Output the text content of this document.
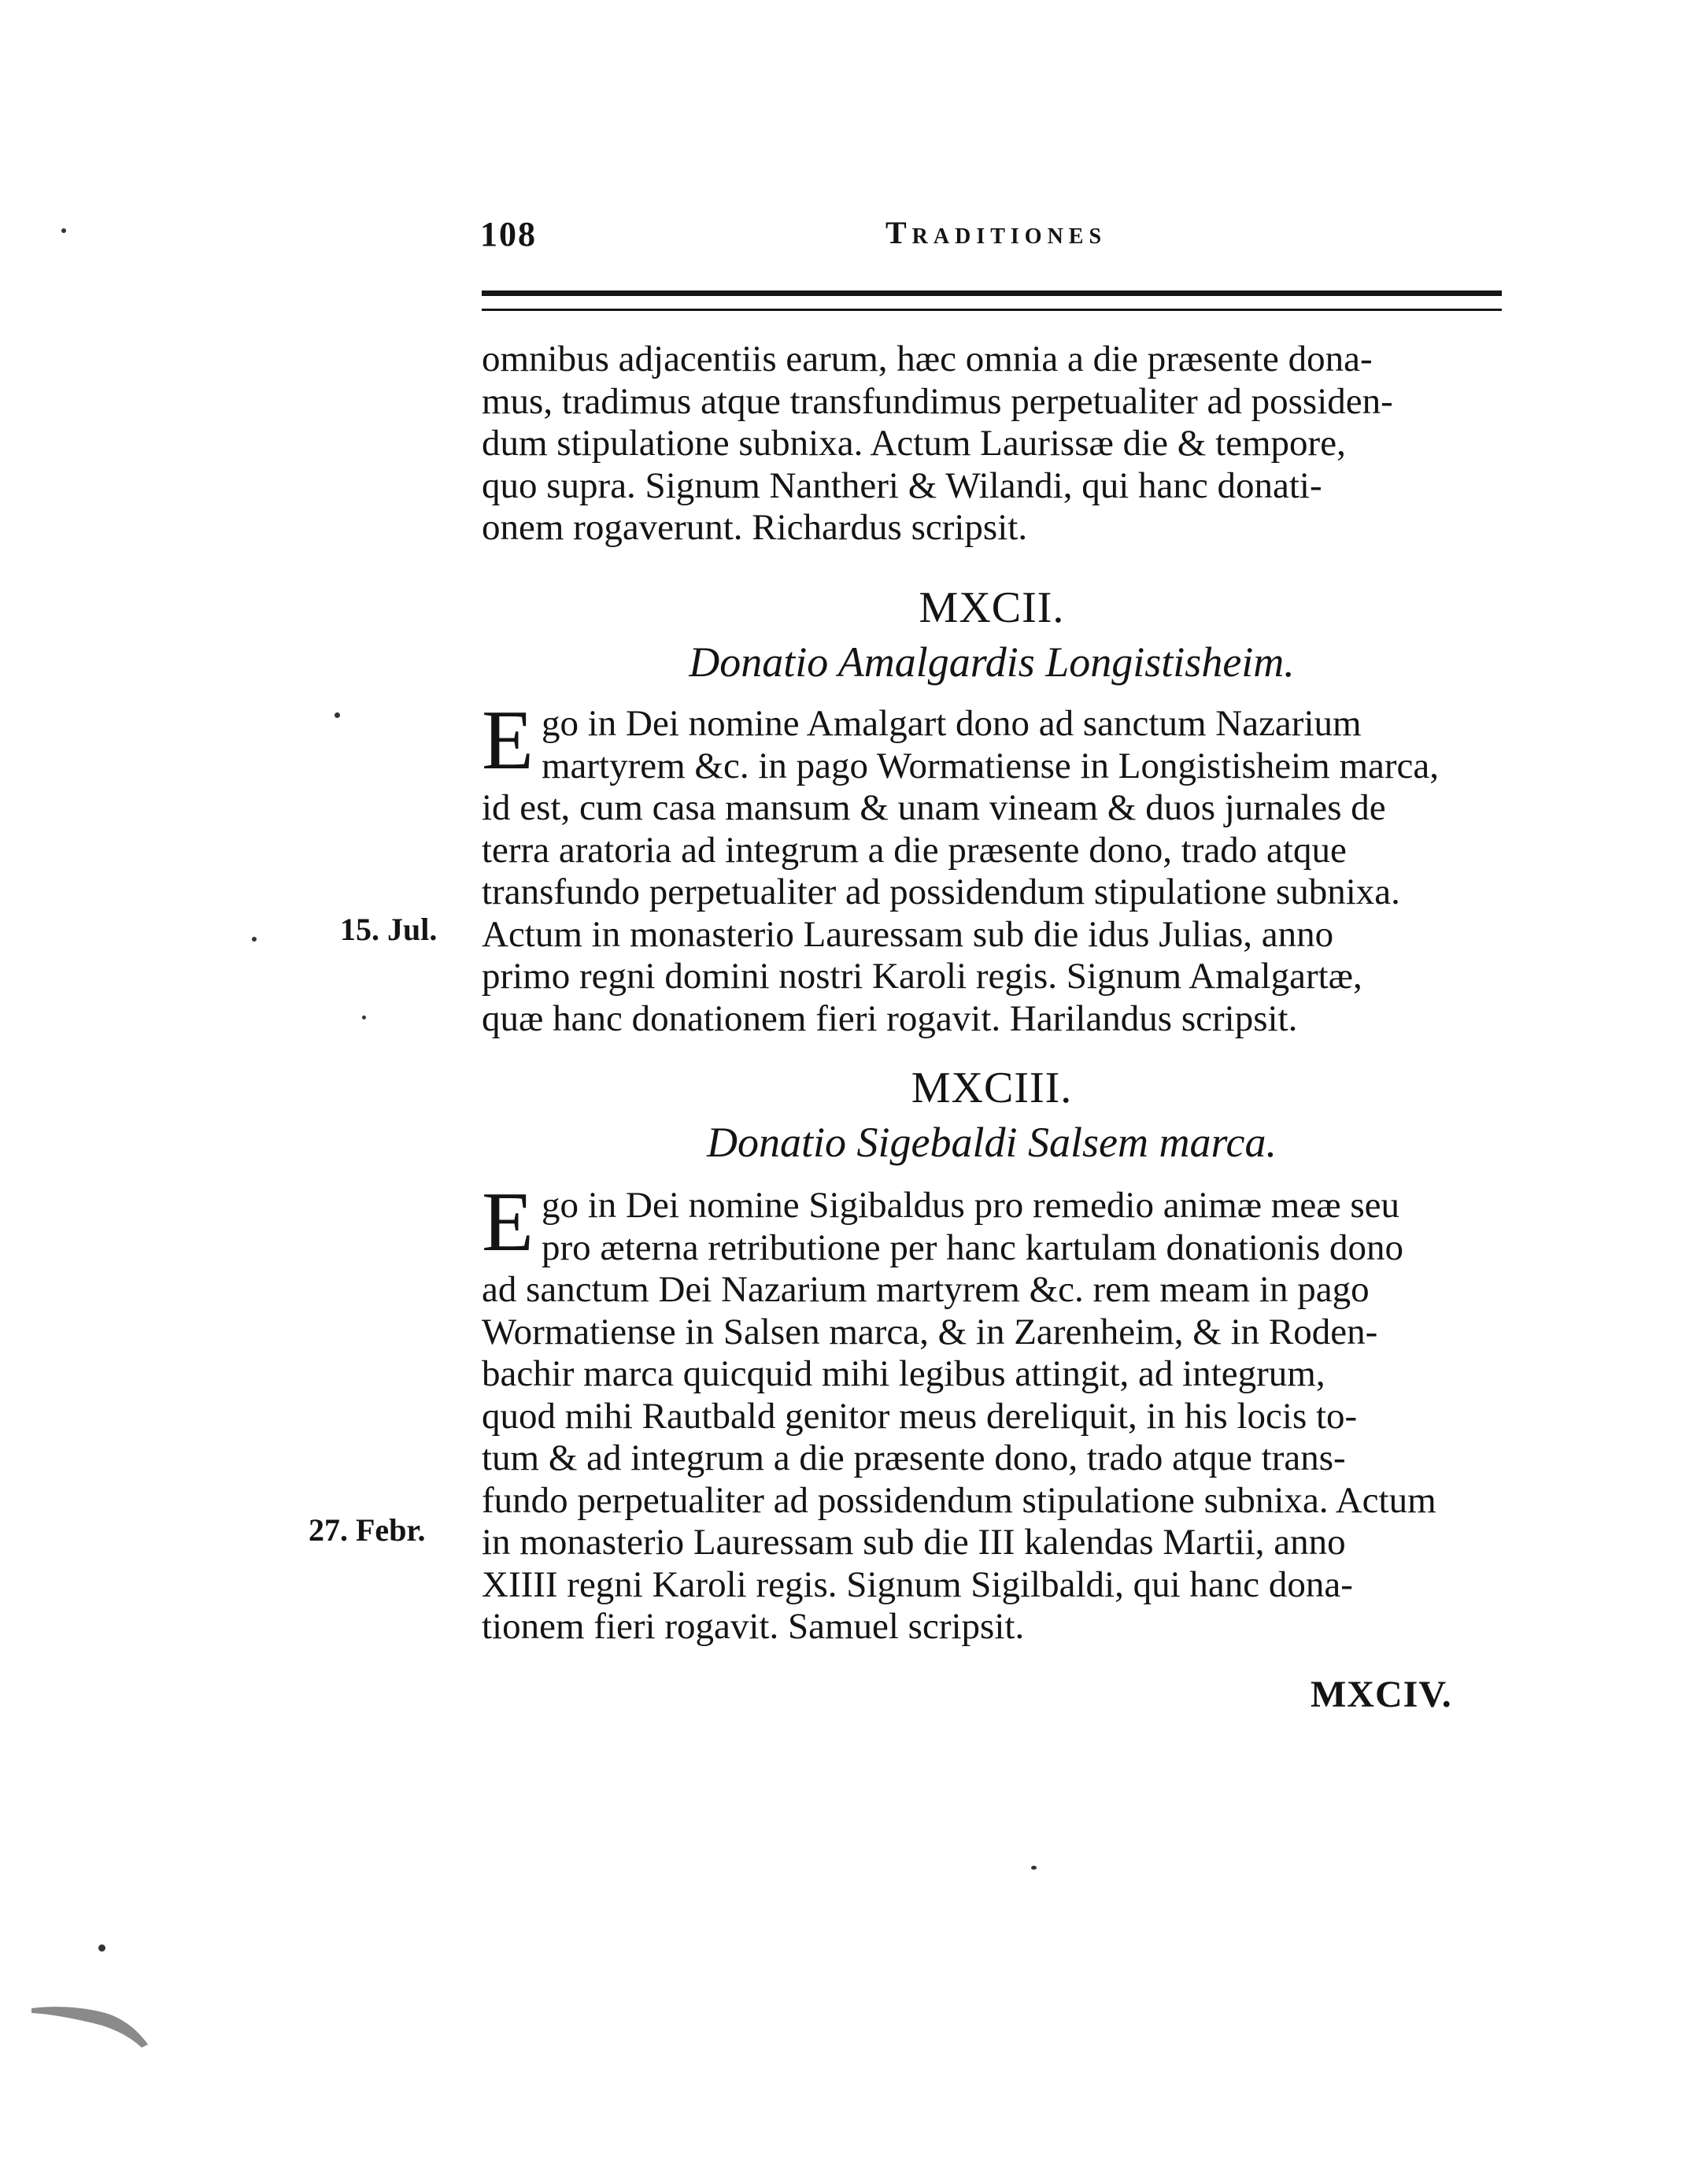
108	Traditiones
omnibus adjacentiis earum, hæc omnia a die præsente dona-
mus, tradimus atque transfundimus perpetualiter ad possiden-
dum stipulatione subnixa. Actum Laurissæ die & tempore,
quo supra. Signum Nantheri & Wilandi, qui hanc donati-
onem rogaverunt. Richardus scripsit.
MXCII.
Donatio Amalgardis Longistisheim.
E go in Dei nomine Amalgart dono ad sanctum Nazarium
martyrem &c. in pago Wormatiense in Longistisheim marca,
id est, cum casa mansum & unam vineam & duos jurnales de
terra aratoria ad integrum a die præsente dono, trado atque
transfundo perpetualiter ad possidendum stipulatione subnixa.
Actum in monasterio Lauressam sub die idus Julias, anno
primo regni domini nostri Karoli regis. Signum Amalgartæ,
quæ hanc donationem fieri rogavit. Harilandus scripsit.
15. Jul.
MXCIII.
Donatio Sigebaldi Salsem marca.
E go in Dei nomine Sigibaldus pro remedio animæ meæ seu
pro æterna retributione per hanc kartulam donationis dono
ad sanctum Dei Nazarium martyrem &c. rem meam in pago
Wormatiense in Salsen marca, & in Zarenheim, & in Roden-
bachir marca quicquid mihi legibus attingit, ad integrum,
quod mihi Rautbald genitor meus dereliquit, in his locis to-
tum & ad integrum a die præsente dono, trado atque trans-
fundo perpetualiter ad possidendum stipulatione subnixa. Actum
in monasterio Lauressam sub die III kalendas Martii, anno
XIIII regni Karoli regis. Signum Sigilbaldi, qui hanc dona-
tionem fieri rogavit. Samuel scripsit.
27. Febr.
MXCIV.
